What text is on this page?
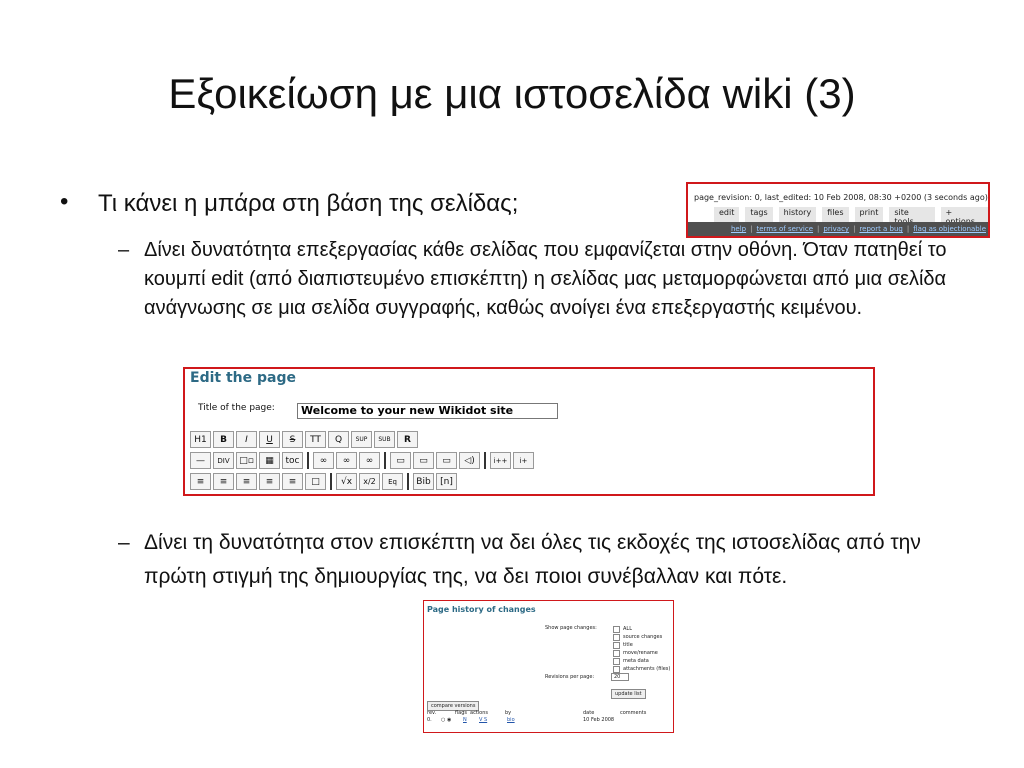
Εξοικείωση με μια ιστοσελίδα wiki (3)
• Τι κάνει η μπάρα στη βάση της σελίδας;
– Δίνει δυνατότητα επεξεργασίας κάθε σελίδας που εμφανίζεται στην οθόνη. Όταν πατηθεί το κουμπί edit (από διαπιστευμένο επισκέπτη) η σελίδας μας μεταμορφώνεται από μια σελίδα ανάγνωσης σε μια σελίδα συγγραφής, καθώς ανοίγει ένα επεξεργαστής κειμένου.
– Δίνει τη δυνατότητα στον επισκέπτη να δει όλες τις εκδοχές της ιστοσελίδας από την πρώτη στιγμή της δημιουργίας της, να δει ποιοι συνέβαλλαν και πότε.
page_revision: 0, last_edited: 10 Feb 2008, 08:30 +0200 (3 seconds ago)
edit	tags	history	files	print	site	+
help | terms of service | privacy | report a bug | flag as objectionable
Edit the page
Title of the page:	Welcome to your new Wikidot site
H1	B	I	U	S	TT	Q	SUP	SUB	R
—	DIV	□▫	▦	toc	∞	∞	∞	▭	▭	▭	◁)	i++	i+
≡	≡	≡	≡	≡	□	√x	x/2	Eq	Bib	[n]
Page history of changes
Show page changes:	ALL
source changes
title
move/rename
meta data
attachments (files)
Revisions per page:	20
update list
compare versions
rev.	flags actions	by	date	comments
0. ○ ◉ N V S	bio	10 Feb 2008
